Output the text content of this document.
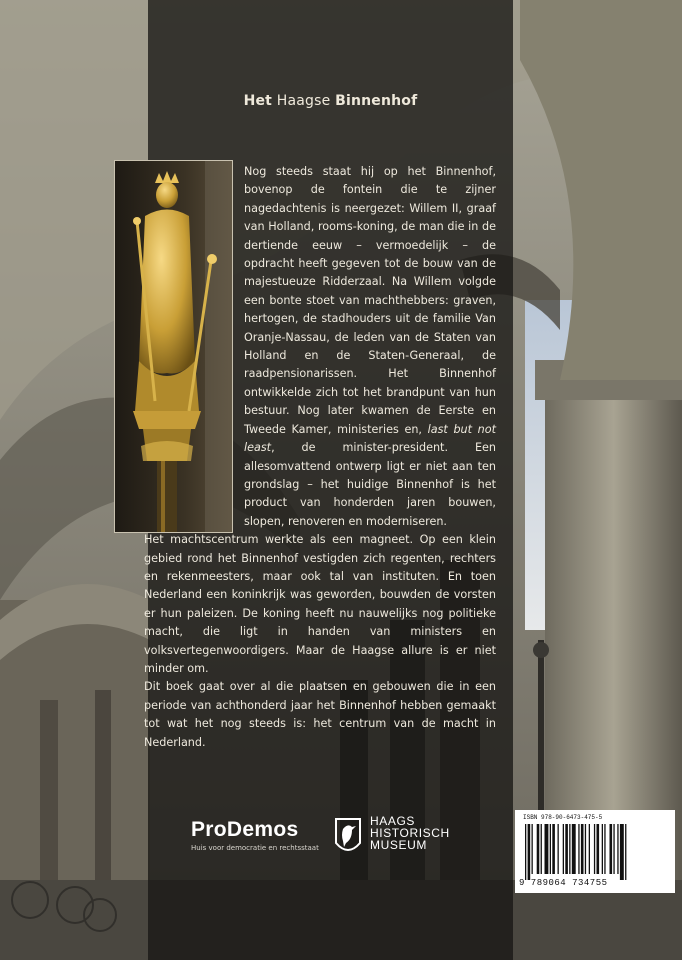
Het Haagse Binnenhof

Nog steeds staat hij op het Binnenhof, bovenop de fontein die te zijner nagedachtenis is neergezet: Willem II, graaf van Holland, rooms-koning, de man die in de dertiende eeuw – vermoedelijk – de opdracht heeft gegeven tot de bouw van de majestueuze Ridderzaal. Na Willem volgde een bonte stoet van machthebbers: graven, hertogen, de stadhouders uit de familie Van Oranje-Nassau, de leden van de Staten van Holland en de Staten-Generaal, de raadpensionarissen. Het Binnenhof ontwikkelde zich tot het brandpunt van hun bestuur. Nog later kwamen de Eerste en Tweede Kamer, ministeries en, last but not least, de minister-president. Een allesomvattend ontwerp ligt er niet aan ten grondslag – het huidige Binnenhof is het product van honderden jaren bouwen, slopen, renoveren en moderniseren.

Het machtscentrum werkte als een magneet. Op een klein gebied rond het Binnenhof vestigden zich regenten, rechters en rekenmeesters, maar ook tal van instituten. En toen Nederland een koninkrijk was geworden, bouwden de vorsten er hun paleizen. De koning heeft nu nauwelijks nog politieke macht, die ligt in handen van ministers en volksvertegenwoordigers. Maar de Haagse allure is er niet minder om.

Dit boek gaat over al die plaatsen en gebouwen die in een periode van achthonderd jaar het Binnenhof hebben gemaakt tot wat het nog steeds is: het centrum van de macht in Nederland.

ProDemos
Huis voor democratie en rechtsstaat
HAAGS
HISTORISCH
MUSEUM
ISBN 978-90-6473-475-5
9 789064 734755
